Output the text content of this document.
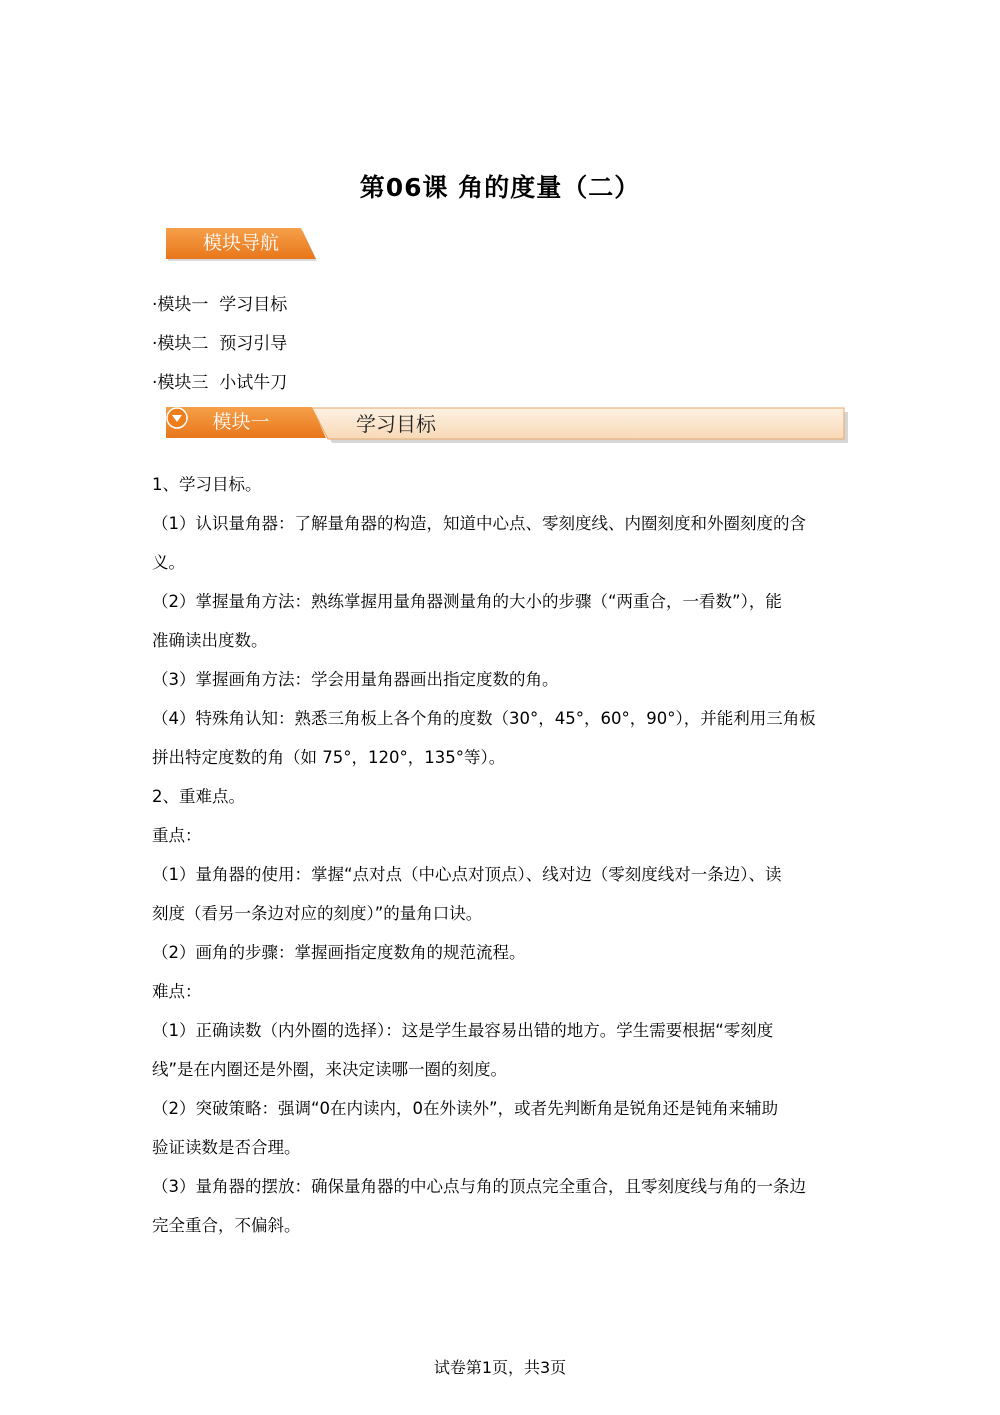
第06课 角的度量（二）
模块导航
·模块一  学习目标
·模块二  预习引导
·模块三  小试牛刀
模块一	学习目标
1、学习目标。
（1）认识量角器：了解量角器的构造，知道中心点、零刻度线、内圈刻度和外圈刻度的含
义。
（2）掌握量角方法：熟练掌握用量角器测量角的大小的步骤（“两重合，一看数”），能
准确读出度数。
（3）掌握画角方法：学会用量角器画出指定度数的角。
（4）特殊角认知：熟悉三角板上各个角的度数（30°，45°，60°，90°），并能利用三角板
拼出特定度数的角（如 75°，120°，135°等）。
2、重难点。
重点：
（1）量角器的使用：掌握“点对点（中心点对顶点）、线对边（零刻度线对一条边）、读
刻度（看另一条边对应的刻度）”的量角口诀。
（2）画角的步骤：掌握画指定度数角的规范流程。
难点：
（1）正确读数（内外圈的选择）：这是学生最容易出错的地方。学生需要根据“零刻度
线”是在内圈还是外圈，来决定读哪一圈的刻度。
（2）突破策略：强调“0在内读内，0在外读外”，或者先判断角是锐角还是钝角来辅助
验证读数是否合理。
（3）量角器的摆放：确保量角器的中心点与角的顶点完全重合，且零刻度线与角的一条边
完全重合，不偏斜。
试卷第1页，共3页
